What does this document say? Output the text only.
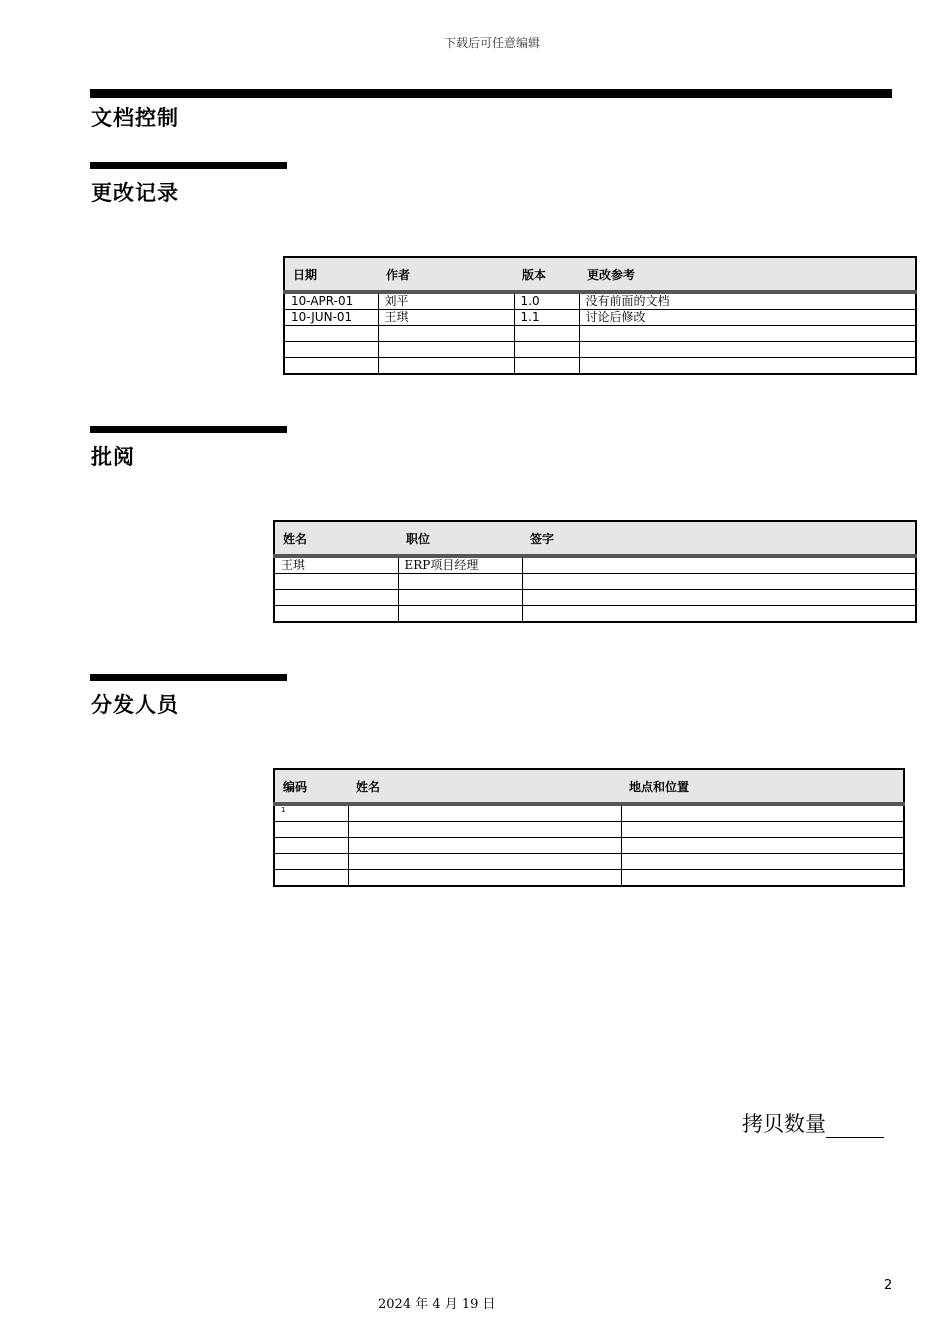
下载后可任意编辑
文档控制
更改记录
日期	作者	版本	更改参考
10-APR-01	刘平	1.0	没有前面的文档
10-JUN-01	王琪	1.1	讨论后修改

批阅
姓名	职位	签字
王琪	ERP项目经理	

分发人员
编码	姓名	地点和位置
1		

拷贝数量
2
2024 年 4 月 19 日
